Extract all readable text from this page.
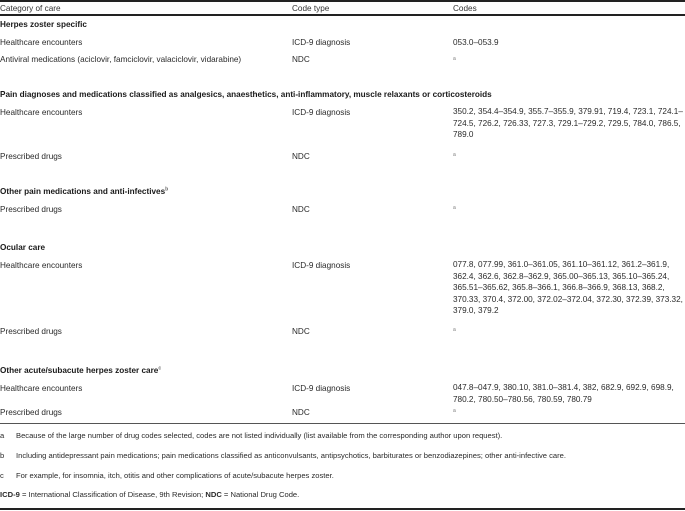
Category of care	Code type	Codes
Herpes zoster specific
Healthcare encounters	ICD-9 diagnosis	053.0–053.9
Antiviral medications (aciclovir, famciclovir, valaciclovir, vidarabine)	NDC	a
Pain diagnoses and medications classified as analgesics, anaesthetics, anti-inflammatory, muscle relaxants or corticosteroids
Healthcare encounters	ICD-9 diagnosis	350.2, 354.4–354.9, 355.7–355.9, 379.91, 719.4, 723.1, 724.1–724.5, 726.2, 726.33, 727.3, 729.1–729.2, 729.5, 784.0, 786.5, 789.0
Prescribed drugs	NDC	a
Other pain medications and anti-infectives$^b$
Prescribed drugs	NDC	a
Ocular care
Healthcare encounters	ICD-9 diagnosis	077.8, 077.99, 361.0–361.05, 361.10–361.12, 361.2–361.9, 362.4, 362.6, 362.8–362.9, 365.00–365.13, 365.10–365.24, 365.51–365.62, 365.8–366.1, 366.8–366.9, 368.13, 368.2, 370.33, 370.4, 372.00, 372.02–372.04, 372.30, 372.39, 373.32, 379.0, 379.2
Prescribed drugs	NDC	a
Other acute/subacute herpes zoster care$^c$
Healthcare encounters	ICD-9 diagnosis	047.8–047.9, 380.10, 381.0–381.4, 382, 682.9, 692.9, 698.9, 780.2, 780.50–780.56, 780.59, 780.79
Prescribed drugs	NDC	a
a Because of the large number of drug codes selected, codes are not listed individually (list available from the corresponding author upon request).
b Including antidepressant pain medications; pain medications classified as anticonvulsants, antipsychotics, barbiturates or benzodiazepines; other anti-infective care.
c For example, for insomnia, itch, otitis and other complications of acute/subacute herpes zoster.
ICD-9 = International Classification of Disease, 9th Revision; NDC = National Drug Code.
